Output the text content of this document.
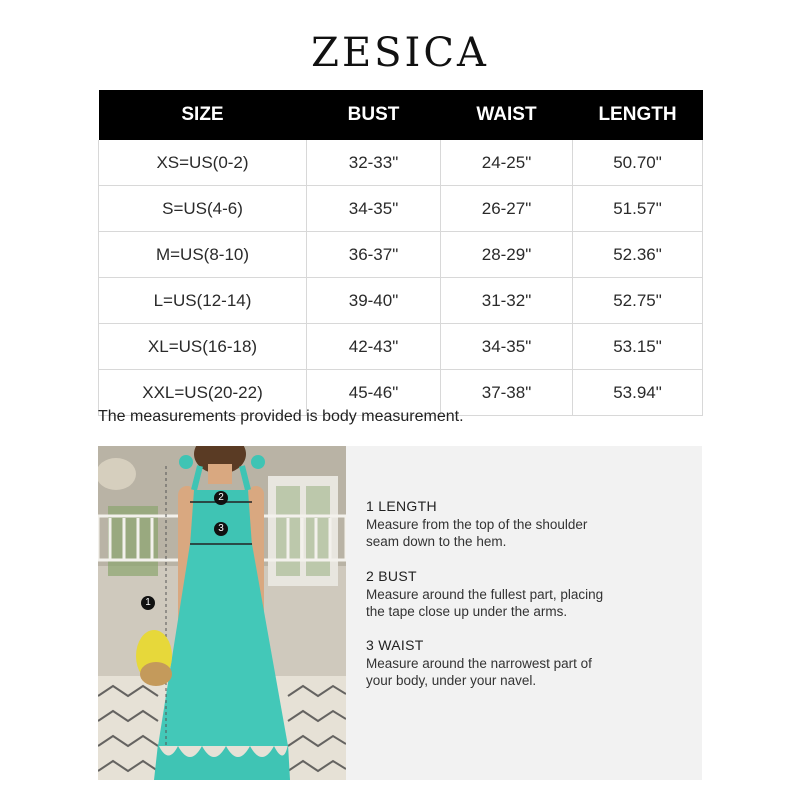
ZESICA
SIZE	BUST	WAIST	LENGTH
XS=US(0-2)	32-33"	24-25"	50.70"
S=US(4-6)	34-35"	26-27"	51.57"
M=US(8-10)	36-37"	28-29"	52.36"
L=US(12-14)	39-40"	31-32"	52.75"
XL=US(16-18)	42-43"	34-35"	53.15"
XXL=US(20-22)	45-46"	37-38"	53.94"
The measurements provided is body measurement.
1
2
3
1 LENGTH
Measure from the top of the shoulder
seam down to the hem.
2 BUST
Measure around the fullest part, placing
the tape close up under the arms.
3 WAIST
Measure around the narrowest part of
your body, under your navel.
